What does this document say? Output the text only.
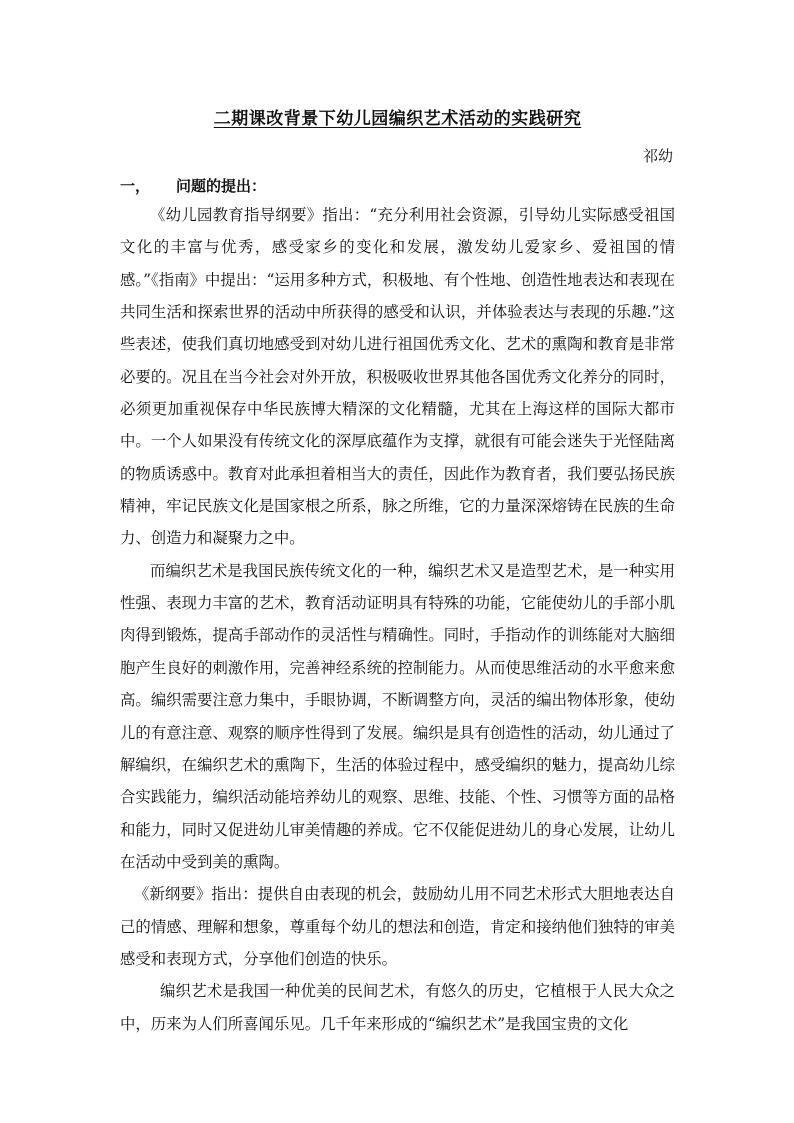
二期课改背景下幼儿园编织艺术活动的实践研究
祁幼
一， 问题的提出：

《幼儿园教育指导纲要》指出：“充分利用社会资源，引导幼儿实际感受祖国文化的丰富与优秀，感受家乡的变化和发展，激发幼儿爱家乡、爱祖国的情感。”《指南》中提出：“运用多种方式，积极地、有个性地、创造性地表达和表现在共同生活和探索世界的活动中所获得的感受和认识，并体验表达与表现的乐趣.”这些表述，使我们真切地感受到对幼儿进行祖国优秀文化、艺术的熏陶和教育是非常必要的。况且在当今社会对外开放，积极吸收世界其他各国优秀文化养分的同时，必须更加重视保存中华民族博大精深的文化精髓，尤其在上海这样的国际大都市中。一个人如果没有传统文化的深厚底蕴作为支撑，就很有可能会迷失于光怪陆离的物质诱惑中。教育对此承担着相当大的责任，因此作为教育者，我们要弘扬民族精神，牢记民族文化是国家根之所系，脉之所维，它的力量深深熔铸在民族的生命力、创造力和凝聚力之中。

而编织艺术是我国民族传统文化的一种，编织艺术又是造型艺术，是一种实用性强、表现力丰富的艺术，教育活动证明具有特殊的功能，它能使幼儿的手部小肌肉得到锻炼，提高手部动作的灵活性与精确性。同时，手指动作的训练能对大脑细胞产生良好的刺激作用，完善神经系统的控制能力。从而使思维活动的水平愈来愈高。编织需要注意力集中，手眼协调，不断调整方向，灵活的编出物体形象，使幼儿的有意注意、观察的顺序性得到了发展。编织是具有创造性的活动，幼儿通过了解编织，在编织艺术的熏陶下，生活的体验过程中，感受编织的魅力，提高幼儿综合实践能力，编织活动能培养幼儿的观察、思维、技能、个性、习惯等方面的品格和能力，同时又促进幼儿审美情趣的养成。它不仅能促进幼儿的身心发展，让幼儿在活动中受到美的熏陶。

《新纲要》指出：提供自由表现的机会，鼓励幼儿用不同艺术形式大胆地表达自己的情感、理解和想象，尊重每个幼儿的想法和创造，肯定和接纳他们独特的审美感受和表现方式，分享他们创造的快乐。

编织艺术是我国一种优美的民间艺术，有悠久的历史，它植根于人民大众之中，历来为人们所喜闻乐见。几千年来形成的“编织艺术”是我国宝贵的文化
